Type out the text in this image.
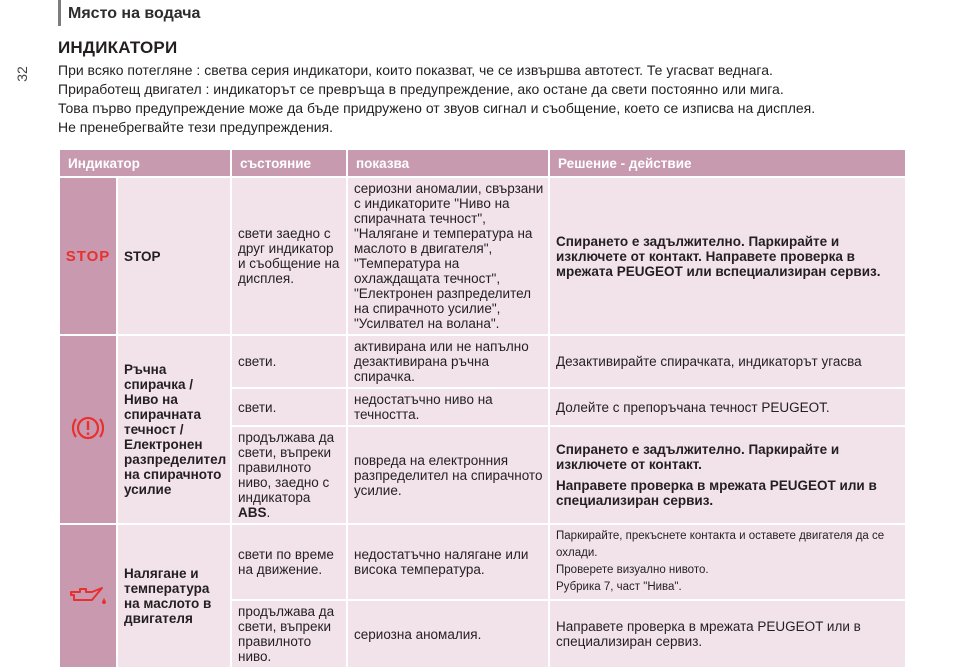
Място на водача
32
ИНДИКАТОРИ

При всяко потегляне : светва серия индикатори, които показват, че се извършва автотест. Те угасват веднага.

Приработещ двигател : индикаторът се превръща в предупреждение, ако остане да свети постоянно или мига.

Това първо предупреждение може да бъде придружено от звуов сигнал и съобщение, което се изписва на дисплея.

Не пренебрегвайте тези предупреждения.

Индикатор		състояние	показва	Решение - действие
STOP	STOP	свети заедно с друг индикатор и съобщение на дисплея.	сериозни аномалии, свързани с индикаторите "Ниво на спирачната течност", "Налягане и температура на маслото в двигателя", "Температура на охлаждащата течност", "Електронен разпределител на спирачното усилие", "Усилвател на волана".	Спирането е задължително. Паркирайте и изключете от контакт. Направете проверка в мрежата PEUGEOT или вспециализиран сервиз.
	Ръчна спирачка / Ниво на спирачната течност / Електронен разпределител на спирачното усилие	свети.	активирана или не напълно дезактивирана ръчна спирачка.	Дезактивирайте спирачката, индикаторът угасва
		свети.	недостатъчно ниво на течността.	Долейте с препоръчана течност PEUGEOT.
		продължава да свети, въпреки правилното ниво, заедно с индикатора ABS.	повреда на електронния разпределител на спирачното усилие.	Спирането е задължително. Паркирайте и изключете от контакт.

Направете проверка в мрежата PEUGEOT или в специализиран сервиз.

	Налягане и температура на маслото в двигателя	свети по време на движение.	недостатъчно налягане или висока температура.	Паркирайте, прекъснете контакта и оставете двигателя да се охлади.
Проверете визуално нивото.
Рубрика 7, част "Нива".

		продължава да свети, въпреки правилното ниво.	сериозна аномалия.	Направете проверка в мрежата PEUGEOT или в специализиран сервиз.
